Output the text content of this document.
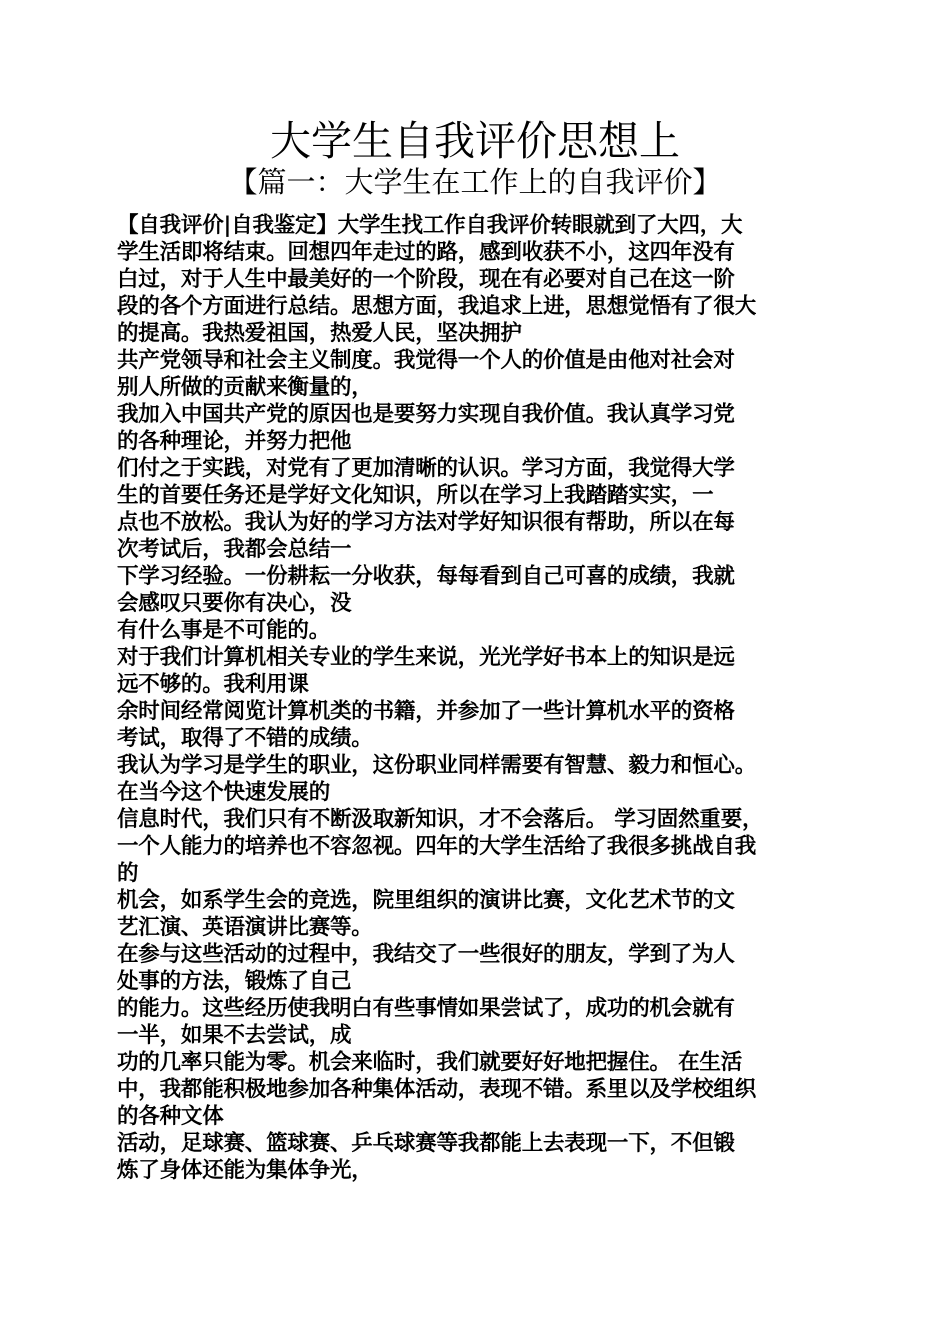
大学生自我评价思想上
【篇一：大学生在工作上的自我评价】
【自我评价|自我鉴定】大学生找工作自我评价转眼就到了大四，大
学生活即将结束。回想四年走过的路，感到收获不小，这四年没有
白过，对于人生中最美好的一个阶段，现在有必要对自己在这一阶
段的各个方面进行总结。思想方面，我追求上进，思想觉悟有了很大
的提高。我热爱祖国，热爱人民，坚决拥护
共产党领导和社会主义制度。我觉得一个人的价值是由他对社会对
别人所做的贡献来衡量的，
我加入中国共产党的原因也是要努力实现自我价值。我认真学习党
的各种理论，并努力把他
们付之于实践，对党有了更加清晰的认识。学习方面，我觉得大学
生的首要任务还是学好文化知识，所以在学习上我踏踏实实，一
点也不放松。我认为好的学习方法对学好知识很有帮助，所以在每
次考试后，我都会总结一
下学习经验。一份耕耘一分收获，每每看到自己可喜的成绩，我就
会感叹只要你有决心，没
有什么事是不可能的。
对于我们计算机相关专业的学生来说，光光学好书本上的知识是远
远不够的。我利用课
余时间经常阅览计算机类的书籍，并参加了一些计算机水平的资格
考试，取得了不错的成绩。
我认为学习是学生的职业，这份职业同样需要有智慧、毅力和恒心。
在当今这个快速发展的
信息时代，我们只有不断汲取新知识，才不会落后。 学习固然重要，
一个人能力的培养也不容忽视。四年的大学生活给了我很多挑战自我
的
机会，如系学生会的竞选，院里组织的演讲比赛，文化艺术节的文
艺汇演、英语演讲比赛等。
在参与这些活动的过程中，我结交了一些很好的朋友，学到了为人
处事的方法，锻炼了自己
的能力。这些经历使我明白有些事情如果尝试了，成功的机会就有
一半，如果不去尝试，成
功的几率只能为零。机会来临时，我们就要好好地把握住。 在生活
中，我都能积极地参加各种集体活动，表现不错。系里以及学校组织
的各种文体
活动，足球赛、篮球赛、乒乓球赛等我都能上去表现一下，不但锻
炼了身体还能为集体争光，
